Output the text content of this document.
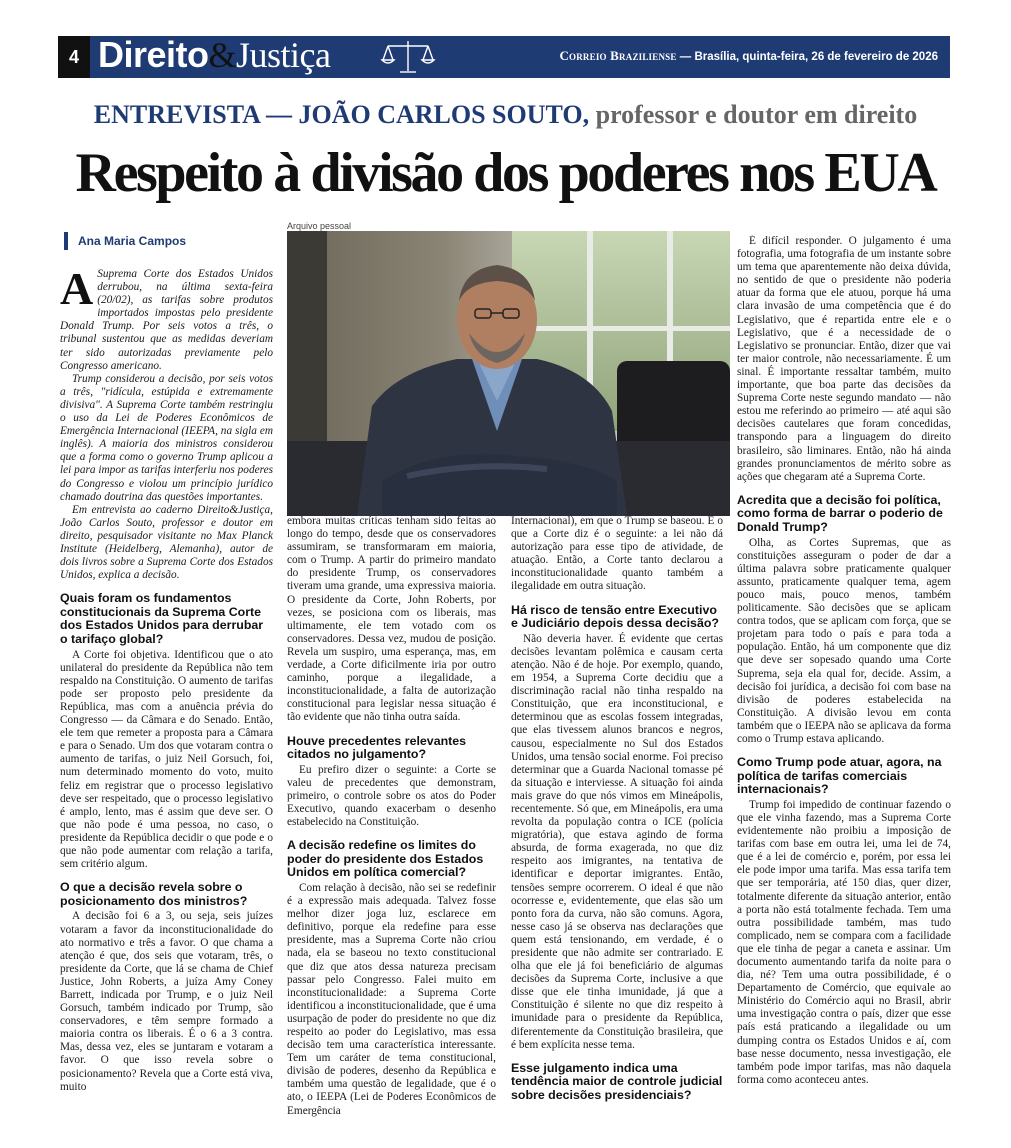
4 Direito&Justiça	Correio Braziliense — Brasília, quinta-feira, 26 de fevereiro de 2026
ENTREVISTA — JOÃO CARLOS SOUTO, professor e doutor em direito
Respeito à divisão dos poderes nos EUA
Ana Maria Campos
Arquivo pessoal
A Suprema Corte dos Estados Unidos derrubou, na última sexta-feira (20/02), as tarifas sobre produtos importados impostas pelo presidente Donald Trump. Por seis votos a três, o tribunal sustentou que as medidas deveriam ter sido autorizadas previamente pelo Congresso americano.

Trump considerou a decisão, por seis votos a três, "ridícula, estúpida e extremamente divisiva". A Suprema Corte também restringiu o uso da Lei de Poderes Econômicos de Emergência Internacional (IEEPA, na sigla em inglês). A maioria dos ministros considerou que a forma como o governo Trump aplicou a lei para impor as tarifas interferiu nos poderes do Congresso e violou um princípio jurídico chamado doutrina das questões importantes.

Em entrevista ao caderno Direito&Justiça, João Carlos Souto, professor e doutor em direito, pesquisador visitante no Max Planck Institute (Heidelberg, Alemanha), autor de dois livros sobre a Suprema Corte dos Estados Unidos, explica a decisão.

Quais foram os fundamentos constitucionais da Suprema Corte dos Estados Unidos para derrubar o tarifaço global?

A Corte foi objetiva. Identificou que o ato unilateral do presidente da República não tem respaldo na Constituição. O aumento de tarifas pode ser proposto pelo presidente da República, mas com a anuência prévia do Congresso — da Câmara e do Senado. Então, ele tem que remeter a proposta para a Câmara e para o Senado. Um dos que votaram contra o aumento de tarifas, o juiz Neil Gorsuch, foi, num determinado momento do voto, muito feliz em registrar que o processo legislativo deve ser respeitado, que o processo legislativo é amplo, lento, mas é assim que deve ser. O que não pode é uma pessoa, no caso, o presidente da República decidir o que pode e o que não pode aumentar com relação a tarifa, sem critério algum.

O que a decisão revela sobre o posicionamento dos ministros?

A decisão foi 6 a 3, ou seja, seis juízes votaram a favor da inconstitucionalidade do ato normativo e três a favor. O que chama a atenção é que, dos seis que votaram, três, o presidente da Corte, que lá se chama de Chief Justice, John Roberts, a juíza Amy Coney Barrett, indicada por Trump, e o juiz Neil Gorsuch, também indicado por Trump, são conservadores, e têm sempre formado a maioria contra os liberais. É o 6 a 3 contra. Mas, dessa vez, eles se juntaram e votaram a favor. O que isso revela sobre o posicionamento? Revela que a Corte está viva, muito

embora muitas críticas tenham sido feitas ao longo do tempo, desde que os conservadores assumiram, se transformaram em maioria, com o Trump. A partir do primeiro mandato do presidente Trump, os conservadores tiveram uma grande, uma expressiva maioria. O presidente da Corte, John Roberts, por vezes, se posiciona com os liberais, mas ultimamente, ele tem votado com os conservadores. Dessa vez, mudou de posição. Revela um suspiro, uma esperança, mas, em verdade, a Corte dificilmente iria por outro caminho, porque a ilegalidade, a inconstitucionalidade, a falta de autorização constitucional para legislar nessa situação é tão evidente que não tinha outra saída.

Houve precedentes relevantes citados no julgamento?

Eu prefiro dizer o seguinte: a Corte se valeu de precedentes que demonstram, primeiro, o controle sobre os atos do Poder Executivo, quando exacerbam o desenho estabelecido na Constituição.

A decisão redefine os limites do poder do presidente dos Estados Unidos em política comercial?

Com relação à decisão, não sei se redefinir é a expressão mais adequada. Talvez fosse melhor dizer joga luz, esclarece em definitivo, porque ela redefine para esse presidente, mas a Suprema Corte não criou nada, ela se baseou no texto constitucional que diz que atos dessa natureza precisam passar pelo Congresso. Falei muito em inconstitucionalidade: a Suprema Corte identificou a inconstitucionalidade, que é uma usurpação de poder do presidente no que diz respeito ao poder do Legislativo, mas essa decisão tem uma característica interessante. Tem um caráter de tema constitucional, divisão de poderes, desenho da República e também uma questão de legalidade, que é o ato, o IEEPA (Lei de Poderes Econômicos de Emergência

Internacional), em que o Trump se baseou. E o que a Corte diz é o seguinte: a lei não dá autorização para esse tipo de atividade, de atuação. Então, a Corte tanto declarou a inconstitucionalidade quanto também a ilegalidade em outra situação.

Há risco de tensão entre Executivo e Judiciário depois dessa decisão?

Não deveria haver. É evidente que certas decisões levantam polêmica e causam certa atenção. Não é de hoje. Por exemplo, quando, em 1954, a Suprema Corte decidiu que a discriminação racial não tinha respaldo na Constituição, que era inconstitucional, e determinou que as escolas fossem integradas, que elas tivessem alunos brancos e negros, causou, especialmente no Sul dos Estados Unidos, uma tensão social enorme. Foi preciso determinar que a Guarda Nacional tomasse pé da situação e interviesse. A situação foi ainda mais grave do que nós vimos em Mineápolis, recentemente. Só que, em Mineápolis, era uma revolta da população contra o ICE (polícia migratória), que estava agindo de forma absurda, de forma exagerada, no que diz respeito aos imigrantes, na tentativa de identificar e deportar imigrantes. Então, tensões sempre ocorrerem. O ideal é que não ocorresse e, evidentemente, que elas são um ponto fora da curva, não são comuns. Agora, nesse caso já se observa nas declarações que quem está tensionando, em verdade, é o presidente que não admite ser contrariado. E olha que ele já foi beneficiário de algumas decisões da Suprema Corte, inclusive a que disse que ele tinha imunidade, já que a Constituição é silente no que diz respeito à imunidade para o presidente da República, diferentemente da Constituição brasileira, que é bem explícita nesse tema.

Esse julgamento indica uma tendência maior de controle judicial sobre decisões presidenciais?

É difícil responder. O julgamento é uma fotografia, uma fotografia de um instante sobre um tema que aparentemente não deixa dúvida, no sentido de que o presidente não poderia atuar da forma que ele atuou, porque há uma clara invasão de uma competência que é do Legislativo, que é repartida entre ele e o Legislativo, que é a necessidade de o Legislativo se pronunciar. Então, dizer que vai ter maior controle, não necessariamente. É um sinal. É importante ressaltar também, muito importante, que boa parte das decisões da Suprema Corte neste segundo mandato — não estou me referindo ao primeiro — até aqui são decisões cautelares que foram concedidas, transpondo para a linguagem do direito brasileiro, são liminares. Então, não há ainda grandes pronunciamentos de mérito sobre as ações que chegaram até a Suprema Corte.

Acredita que a decisão foi política, como forma de barrar o poderio de Donald Trump?

Olha, as Cortes Supremas, que as constituições asseguram o poder de dar a última palavra sobre praticamente qualquer assunto, praticamente qualquer tema, agem pouco mais, pouco menos, também politicamente. São decisões que se aplicam contra todos, que se aplicam com força, que se projetam para todo o país e para toda a população. Então, há um componente que diz que deve ser sopesado quando uma Corte Suprema, seja ela qual for, decide. Assim, a decisão foi jurídica, a decisão foi com base na divisão de poderes estabelecida na Constituição. A divisão levou em conta também que o IEEPA não se aplicava da forma como o Trump estava aplicando.

Como Trump pode atuar, agora, na política de tarifas comerciais internacionais?

Trump foi impedido de continuar fazendo o que ele vinha fazendo, mas a Suprema Corte evidentemente não proibiu a imposição de tarifas com base em outra lei, uma lei de 74, que é a lei de comércio e, porém, por essa lei ele pode impor uma tarifa. Mas essa tarifa tem que ser temporária, até 150 dias, quer dizer, totalmente diferente da situação anterior, então a porta não está totalmente fechada. Tem uma outra possibilidade também, mas tudo complicado, nem se compara com a facilidade que ele tinha de pegar a caneta e assinar. Um documento aumentando tarifa da noite para o dia, né? Tem uma outra possibilidade, é o Departamento de Comércio, que equivale ao Ministério do Comércio aqui no Brasil, abrir uma investigação contra o país, dizer que esse país está praticando a ilegalidade ou um dumping contra os Estados Unidos e aí, com base nesse documento, nessa investigação, ele também pode impor tarifas, mas não daquela forma como aconteceu antes.
